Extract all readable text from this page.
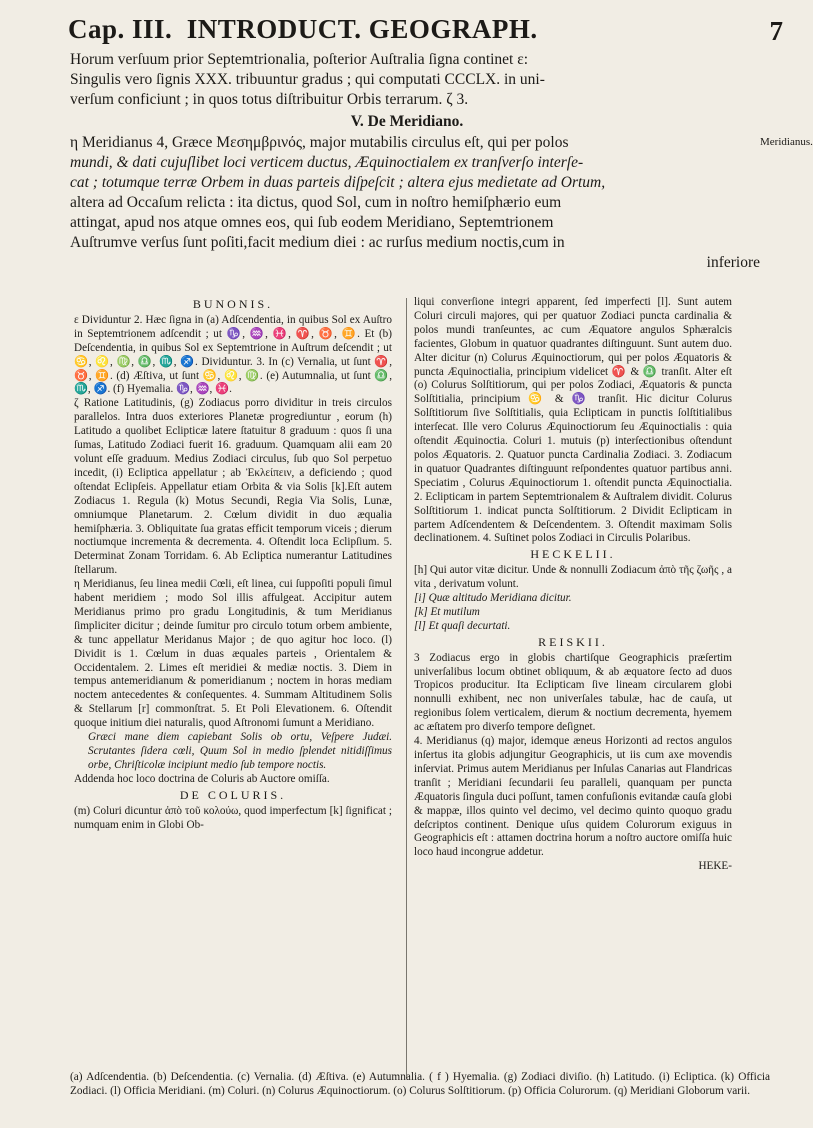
Cap. III. INTRODUCT. GEOGRAPH.	7
Horum verſuum prior Septemtrionalia, poſterior Auſtralia ſigna continet ε:
Singulis vero ſignis XXX. tribuuntur gradus ; qui computati CCCLX. in uni-
verſum conficiunt ; in quos totus diſtribuitur Orbis terrarum. ζ 3.
V. De Meridiano.
η Meridianus 4, Græce Μεσημβρινός, major mutabilis circulus eſt, qui per polos
mundi, & dati cujuſlibet loci verticem ductus, Æquinoctialem ex tranſverſo interſe-
cat ; totumque terræ Orbem in duas parteis diſpeſcit ; altera ejus medietate ad Ortum,
altera ad Occaſum relicta : ita dictus, quod Sol, cum in noſtro hemiſphærio eum
attingat, apud nos atque omnes eos, qui ſub eodem Meridiano, Septemtrionem
Auſtrumve verſus ſunt poſiti,facit medium diei : ac rurſus medium noctis,cum in
inferiore
Meridianus.

BUNONIS.

ε Dividuntur 2. Hæc ſigna in (a) Adſcendentia, in quibus Sol ex Auſtro in Septemtrionem adſcendit ; ut ♑, ♒, ♓, ♈, ♉, ♊. Et (b) Deſcendentia, in quibus Sol ex Septemtrione in Auſtrum deſcendit ; ut ♋, ♌, ♍, ♎, ♏, ♐. Dividuntur. 3. In (c) Vernalia, ut ſunt ♈, ♉, ♊. (d) Æſtiva, ut ſunt ♋, ♌, ♍. (e) Autumnalia, ut ſunt ♎, ♏, ♐. (f) Hyemalia. ♑, ♒, ♓.

ζ Ratione Latitudinis, (g) Zodiacus porro dividitur in treis circulos parallelos. Intra duos exteriores Planetæ progrediuntur , eorum (h) Latitudo a quolibet Eclipticæ latere ſtatuitur 8 graduum : quos ſi una ſumas, Latitudo Zodiaci fuerit 16. graduum. Quamquam alii eam 20 volunt eſſe graduum. Medius Zodiaci circulus, ſub quo Sol perpetuo incedit, (i) Ecliptica appellatur ; ab Ἐκλείπειν, a deficiendo ; quod oſtendat Eclipſeis. Appellatur etiam Orbita & via Solis [k].Eſt autem Zodiacus 1. Regula (k) Motus Secundi, Regia Via Solis, Lunæ, omniumque Planetarum. 2. Cœlum dividit in duo æqualia hemiſphæria. 3. Obliquitate ſua gratas efficit temporum viceis ; dierum noctiumque incrementa & decrementa. 4. Oſtendit loca Eclipſium. 5. Determinat Zonam Torridam. 6. Ab Ecliptica numerantur Latitudines ſtellarum.

η Meridianus, ſeu linea medii Cœli, eſt linea, cui ſuppoſiti populi ſimul habent meridiem ; modo Sol illis affulgeat. Accipitur autem Meridianus primo pro gradu Longitudinis, & tum Meridianus ſimpliciter dicitur ; deinde ſumitur pro circulo totum orbem ambiente, & tunc appellatur Meridanus Major ; de quo agitur hoc loco. (l) Dividit is 1. Cœlum in duas æquales parteis , Orientalem & Occidentalem. 2. Limes eſt meridiei & mediæ noctis. 3. Diem in tempus antemeridianum & pomeridianum ; noctem in horas mediam noctem antecedentes & conſequentes. 4. Summam Altitudinem Solis & Stellarum [r] commonſtrat. 5. Et Poli Elevationem. 6. Oſtendit quoque initium diei naturalis, quod Aſtronomi ſumunt a Meridiano.

Græci mane diem capiebant Solis ob ortu, Veſpere Judæi. Scrutantes ſidera cœli, Quum Sol in medio ſplendet nitidiſſimus orbe, Chriſticolæ incipiunt medio ſub tempore noctis.

Addenda hoc loco doctrina de Coluris ab Auctore omiſſa.

DE COLURIS.

(m) Coluri dicuntur ἀπὸ τοῦ κολούω, quod imperfectum [k] ſignificat ; numquam enim in Globi Ob-

liqui converſione integri apparent, ſed imperfecti [l]. Sunt autem Coluri circuli majores, qui per quatuor Zodiaci puncta cardinalia & polos mundi tranſeuntes, ac cum Æquatore angulos Sphæralcis facientes, Globum in quatuor quadrantes diſtinguunt. Sunt autem duo. Alter dicitur (n) Colurus Æquinoctiorum, qui per polos Æquatoris & puncta Æquinoctialia, principium videlicet ♈ & ♎ tranſit. Alter eſt (o) Colurus Solſtitiorum, qui per polos Zodiaci, Æquatoris & puncta Solſtitialia, principium ♋ & ♑ tranſit. Hic dicitur Colurus Solſtitiorum ſive Solſtitialis, quia Eclipticam in punctis ſolſtitialibus interſecat. Ille vero Colurus Æquinoctiorum ſeu Æquinoctialis : quia oſtendit Æquinoctia. Coluri 1. mutuis (p) interſectionibus oſtendunt polos Æquatoris. 2. Quatuor puncta Cardinalia Zodiaci. 3. Zodiacum in quatuor Quadrantes diſtinguunt reſpondentes quatuor partibus anni. Speciatim , Colurus Æquinoctiorum 1. oſtendit puncta Æquinoctialia. 2. Eclipticam in partem Septemtrionalem & Auſtralem dividit. Colurus Solſtitiorum 1. indicat puncta Solſtitiorum. 2 Dividit Eclipticam in partem Adſcendentem & Deſcendentem. 3. Oſtendit maximam Solis declinationem. 4. Suſtinet polos Zodiaci in Circulis Polaribus.

HECKELII.

[h] Qui autor vitæ dicitur. Unde & nonnulli Zodiacum ἀπὸ τῆς ζωῆς , a vita , derivatum volunt.

[i] Quæ altitudo Meridiana dicitur.

[k] Et mutilum

[l] Et quaſi decurtati.

REISKII.

3 Zodiacus ergo in globis chartiſque Geographicis præſertim univerſalibus locum obtinet obliquum, & ab æquatore ſecto ad duos Tropicos producitur. Ita Eclipticam ſive lineam circularem globi nonnulli exhibent, nec non univerſales tabulæ, hac de cauſa, ut regionibus ſolem verticalem, dierum & noctium decrementa, hyemem ac æſtatem pro diverſo tempore deſignet.

4. Meridianus (q) major, idemque æneus Horizonti ad rectos angulos inſertus ita globis adjungitur Geographicis, ut iis cum axe movendis inſerviat. Primus autem Meridianus per Inſulas Canarias aut Flandricas tranſit ; Meridiani ſecundarii ſeu paralleli, quanquam per puncta Æquatoris ſingula duci poſſunt, tamen confuſionis evitandæ cauſa globi & mappæ, illos quinto vel decimo, vel decimo quinto quoquo gradu deſcriptos continent. Denique uſus quidem Colurorum exiguus in Geographicis eſt : attamen doctrina horum a noſtro auctore omiſſa huic loco haud incongrue addetur.

HEKE-

(a) Adſcendentia. (b) Deſcendentia. (c) Vernalia. (d) Æſtiva. (e) Autumnalia. ( f ) Hyemalia. (g) Zodiaci diviſio. (h) Latitudo. (i) Ecliptica. (k) Officia Zodiaci. (l) Officia Meridiani. (m) Coluri. (n) Colurus Æquinoctiorum. (o) Colurus Solſtitiorum. (p) Officia Colurorum. (q) Meridiani Globorum varii.
